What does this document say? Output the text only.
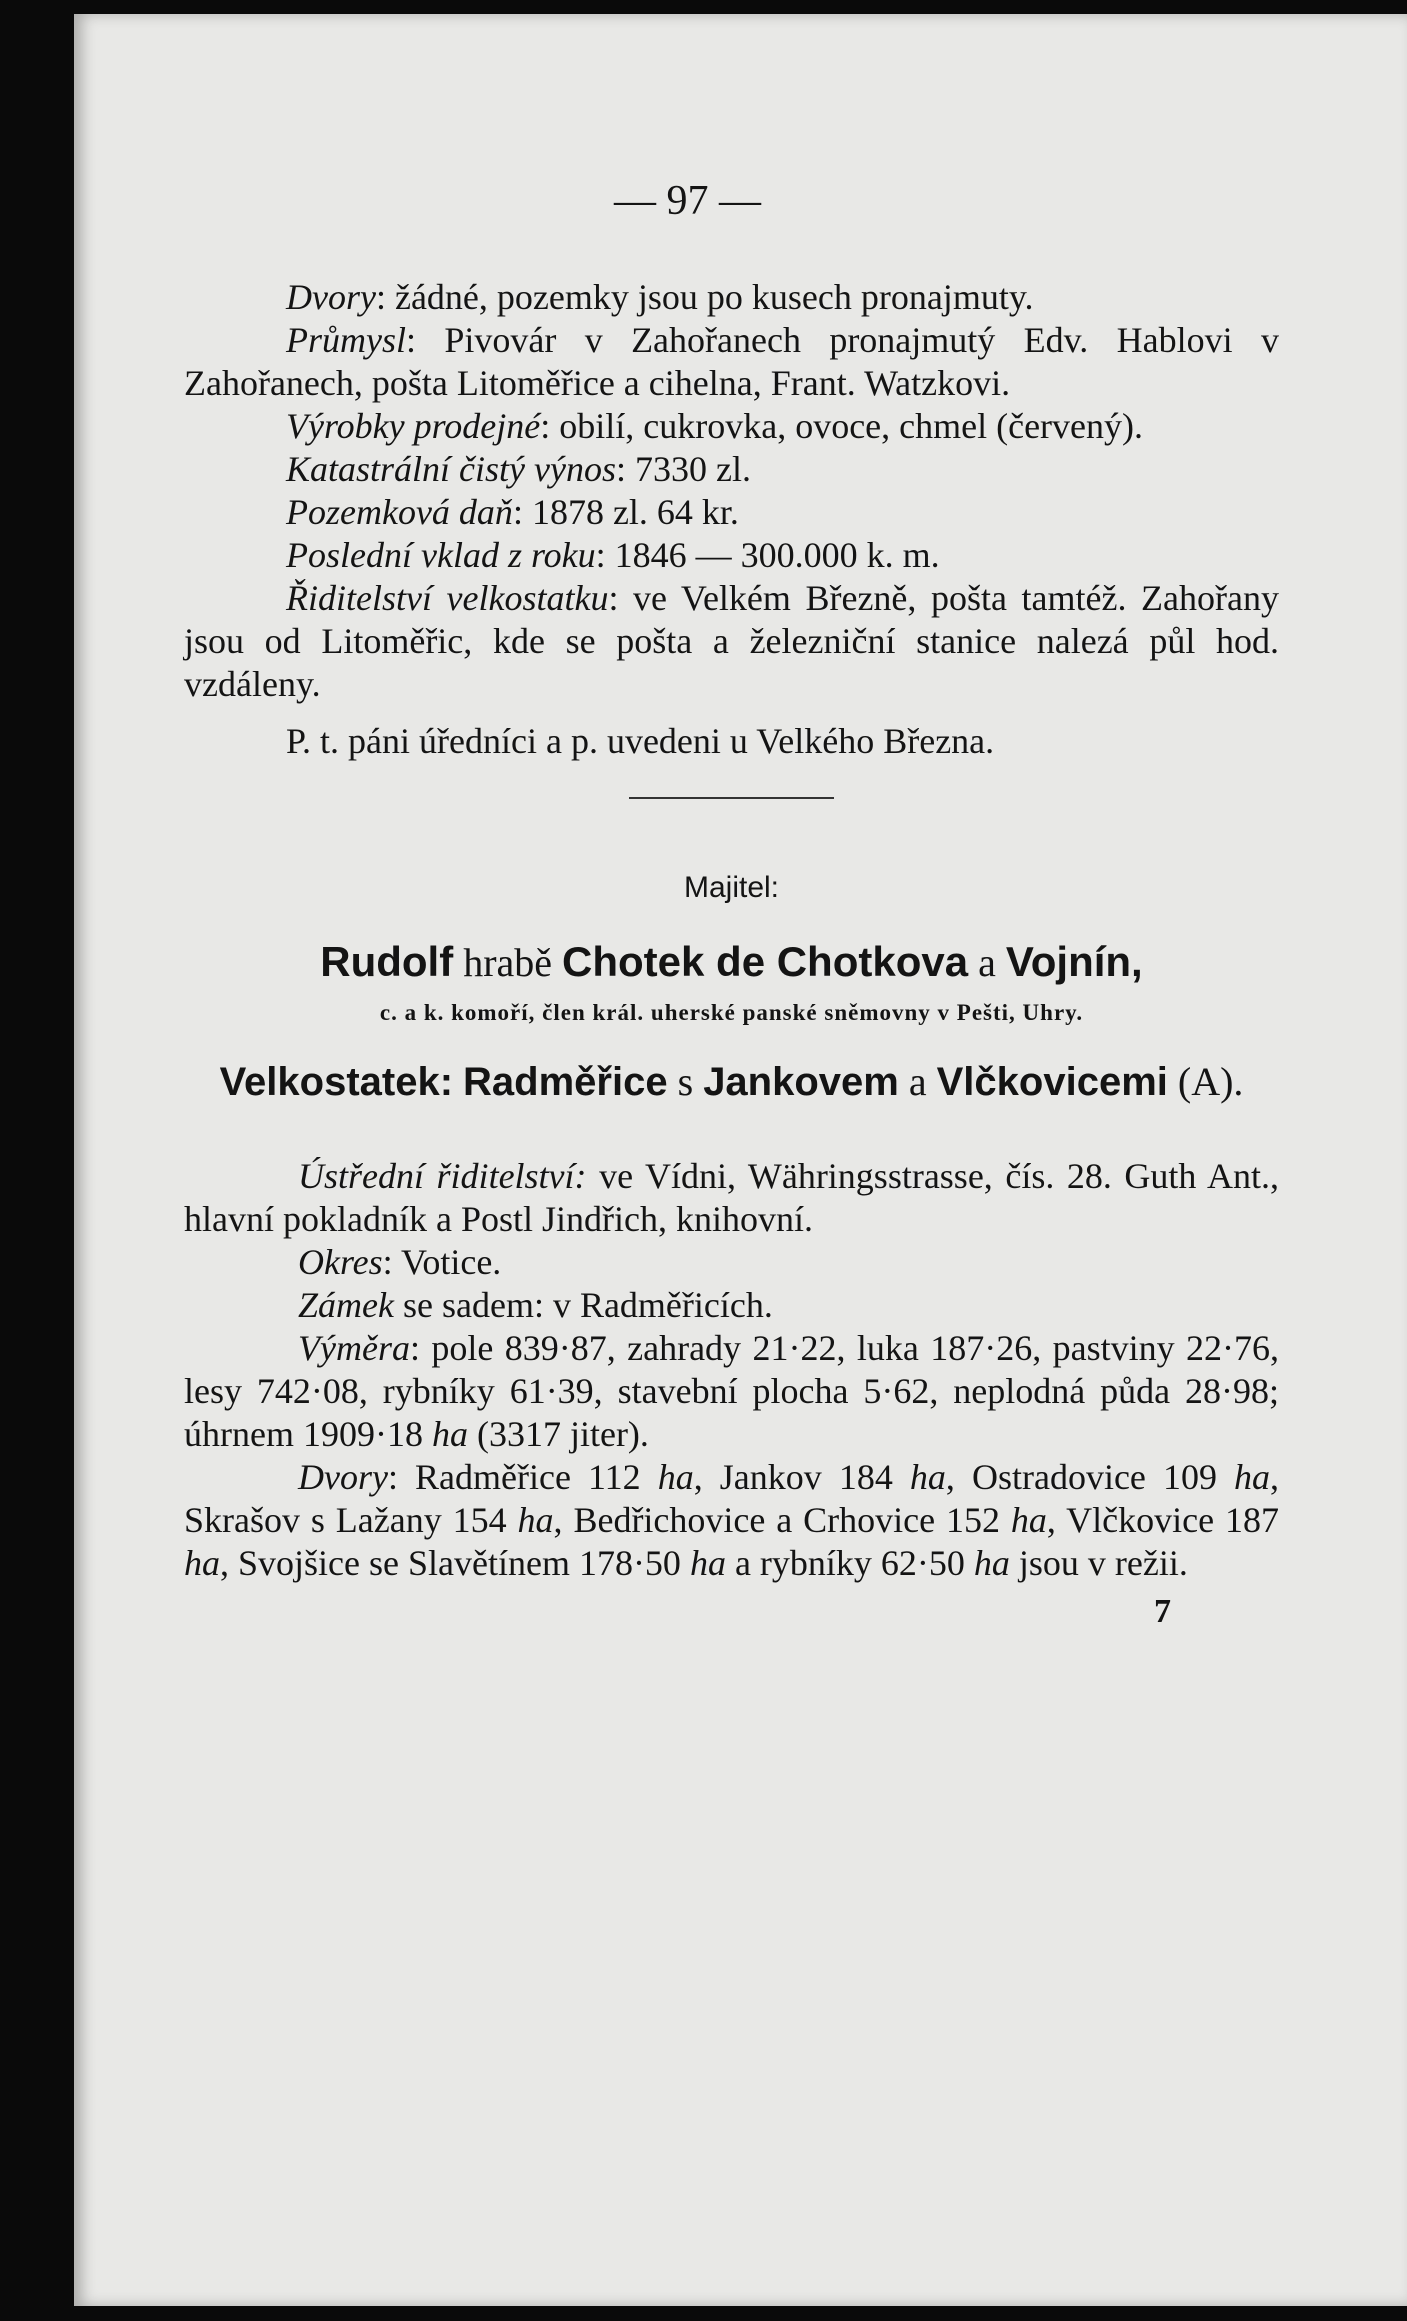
— 97 —

Dvory: žádné, pozemky jsou po kusech pronajmuty.

Průmysl: Pivovár v Zahořanech pronajmutý Edv. Hablovi v Zahořanech, pošta Litoměřice a cihelna, Frant. Watzkovi.

Výrobky prodejné: obilí, cukrovka, ovoce, chmel (červený).

Katastrální čistý výnos: 7330 zl.

Pozemková daň: 1878 zl. 64 kr.

Poslední vklad z roku: 1846 — 300.000 k. m.

Řiditelství velkostatku: ve Velkém Březně, pošta tamtéž. Zahořany jsou od Litoměřic, kde se pošta a železniční stanice nalezá půl hod. vzdáleny.

P. t. páni úředníci a p. uvedeni u Velkého Března.

Majitel:
Rudolf hrabě Chotek de Chotkova a Vojnín,
c. a k. komoří, člen král. uherské panské sněmovny v Pešti, Uhry.
Velkostatek: Radměřice s Jankovem a Vlčkovicemi (A).

Ústřední řiditelství: ve Vídni, Währingsstrasse, čís. 28. Guth Ant., hlavní pokladník a Postl Jindřich, knihovní.

Okres: Votice.

Zámek se sadem: v Radměřicích.

Výměra: pole 839·87, zahrady 21·22, luka 187·26, pastviny 22·76, lesy 742·08, rybníky 61·39, stavební plocha 5·62, neplodná půda 28·98; úhrnem 1909·18 ha (3317 jiter).

Dvory: Radměřice 112 ha, Jankov 184 ha, Ostradovice 109 ha, Skrašov s Lažany 154 ha, Bedřichovice a Crhovice 152 ha, Vlčkovice 187 ha, Svojšice se Slavětínem 178·50 ha a rybníky 62·50 ha jsou v režii.

7
